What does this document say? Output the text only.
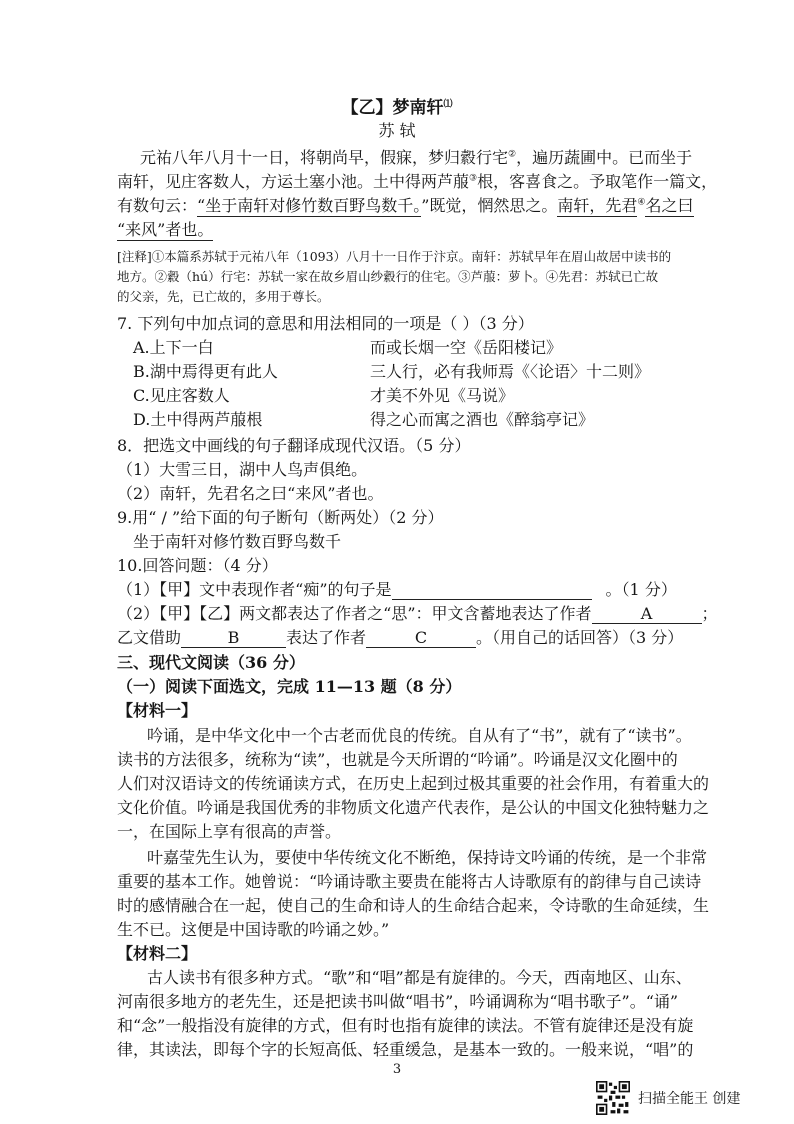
【乙】梦南轩⑴
苏 轼
元祐八年八月十一日，将朝尚早，假寐，梦归縠行宅②，遍历蔬圃中。已而坐于
南轩，见庄客数人，方运土塞小池。土中得两芦菔③根，客喜食之。予取笔作一篇文，
有数句云：“坐于南轩对修竹数百野鸟数千。”既觉，惘然思之。南轩，先君④名之曰
“来风”者也。
[注释]①本篇系苏轼于元祐八年（1093）八月十一日作于汴京。南轩：苏轼早年在眉山故居中读书的
地方。②縠（hú）行宅：苏轼一家在故乡眉山纱縠行的住宅。③芦菔：萝卜。④先君：苏轼已亡故
的父亲，先，已亡故的，多用于尊长。
7. 下列句中加点词的意思和用法相同的一项是（ ）（3 分）
A.上下一白	而或长烟一空《岳阳楼记》
B.湖中焉得更有此人	三人行，必有我师焉《〈论语〉十二则》
C.见庄客数人	才美不外见《马说》
D.土中得两芦菔根	得之心而寓之酒也《醉翁亭记》
8．把选文中画线的句子翻译成现代汉语。（5 分）
（1）大雪三日，湖中人鸟声俱绝。
（2）南轩，先君名之曰“来风”者也。
9.用“ / ”给下面的句子断句（断两处）（2 分）
坐于南轩对修竹数百野鸟数千
10.回答问题：（4 分）
（1）【甲】文中表现作者“痴”的句子是	。（1 分）
（2）【甲】【乙】两文都表达了作者之“思”：甲文含蓄地表达了作者	A	；
乙文借助	B	表达了作者	C	。（用自己的话回答）（3 分）
三、现代文阅读（36 分）
（一）阅读下面选文，完成 11—13 题（8 分）
【材料一】
吟诵，是中华文化中一个古老而优良的传统。自从有了“书”，就有了“读书”。
读书的方法很多，统称为“读”，也就是今天所谓的“吟诵”。吟诵是汉文化圈中的
人们对汉语诗文的传统诵读方式，在历史上起到过极其重要的社会作用，有着重大的
文化价值。吟诵是我国优秀的非物质文化遗产代表作，是公认的中国文化独特魅力之
一，在国际上享有很高的声誉。
叶嘉莹先生认为，要使中华传统文化不断绝，保持诗文吟诵的传统，是一个非常
重要的基本工作。她曾说：“吟诵诗歌主要贵在能将古人诗歌原有的韵律与自己读诗
时的感情融合在一起，使自己的生命和诗人的生命结合起来，令诗歌的生命延续，生
生不已。这便是中国诗歌的吟诵之妙。”
【材料二】
古人读书有很多种方式。“歌”和“唱”都是有旋律的。今天，西南地区、山东、
河南很多地方的老先生，还是把读书叫做“唱书”，吟诵调称为“唱书歌子”。“诵”
和“念”一般指没有旋律的方式，但有时也指有旋律的读法。不管有旋律还是没有旋
律，其读法，即每个字的长短高低、轻重缓急，是基本一致的。一般来说，“唱”的
3
扫描全能王 创建
